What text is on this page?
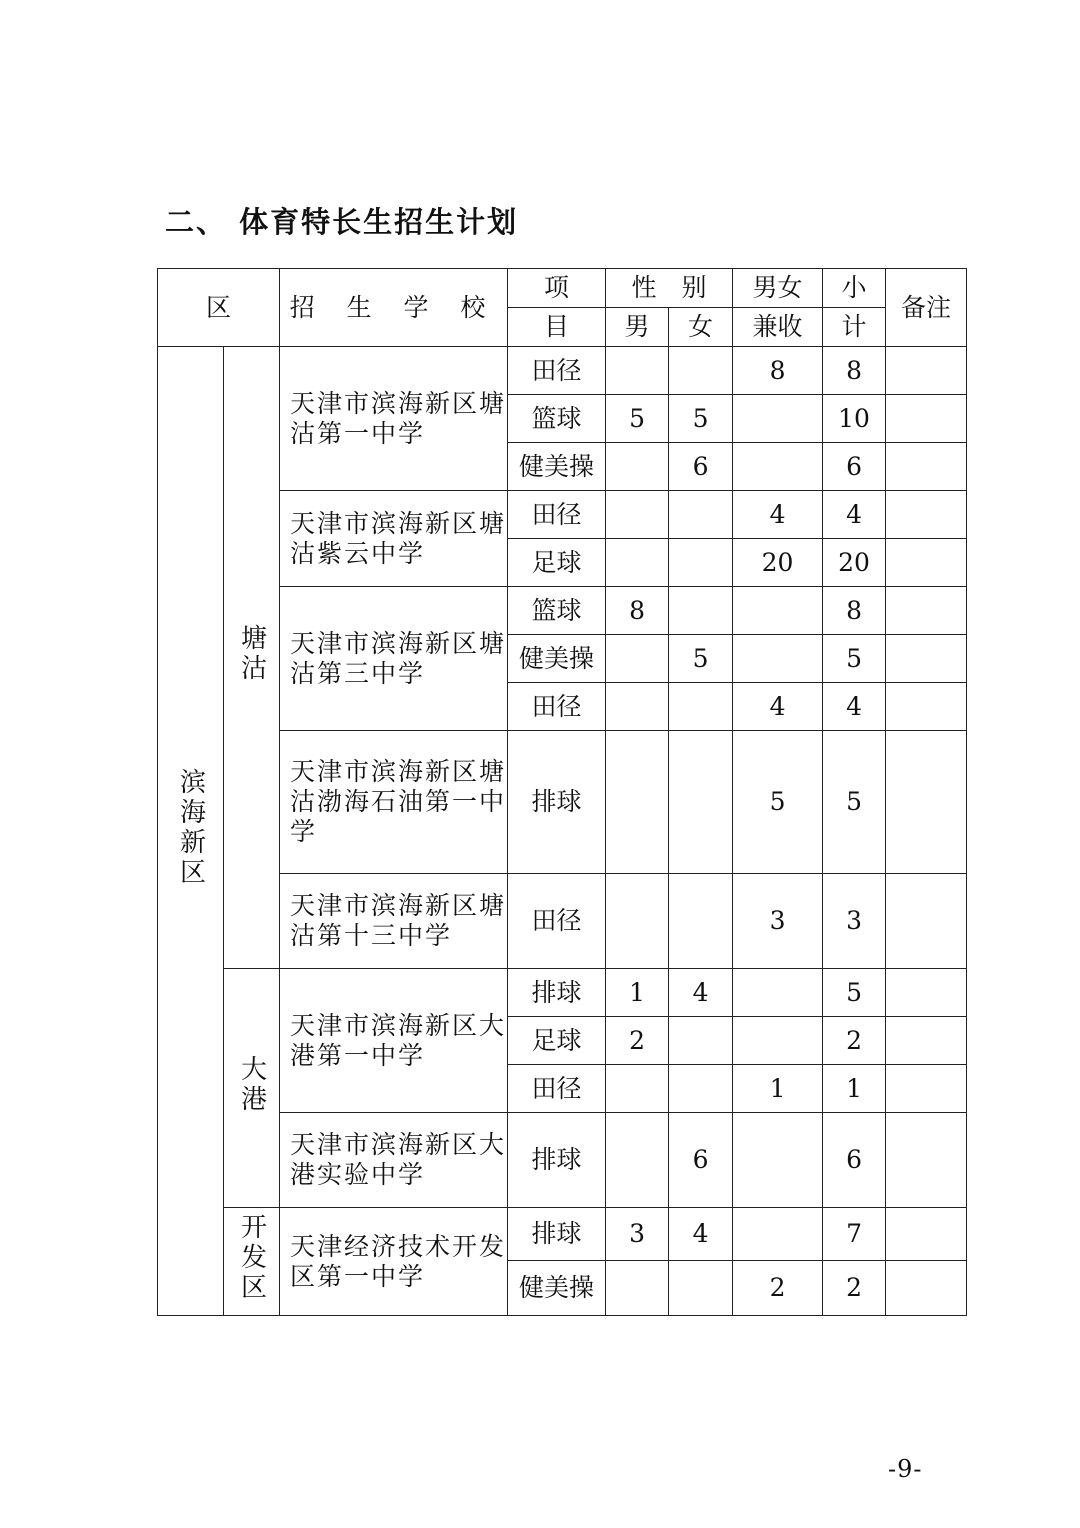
二、 体育特长生招生计划
区		招 生 学 校	项	性　别		男女	小	备注
			目	男	女	兼收	计	
滨海新区	塘沽	天津市滨海新区塘沽第一中学	田径			8	8	
			篮球	5	5		10	
			健美操		6		6	
		天津市滨海新区塘沽紫云中学	田径			4	4	
			足球			20	20	
		天津市滨海新区塘沽第三中学	篮球	8			8	
			健美操		5		5	
			田径			4	4	
		天津市滨海新区塘沽渤海石油第一中学	排球			5	5	
		天津市滨海新区塘沽第十三中学	田径			3	3	
	大港	天津市滨海新区大港第一中学	排球	1	4		5	
			足球	2			2	
			田径			1	1	
		天津市滨海新区大港实验中学	排球		6		6	
	开发区	天津经济技术开发区第一中学	排球	3	4		7	
			健美操			2	2	

-9-
